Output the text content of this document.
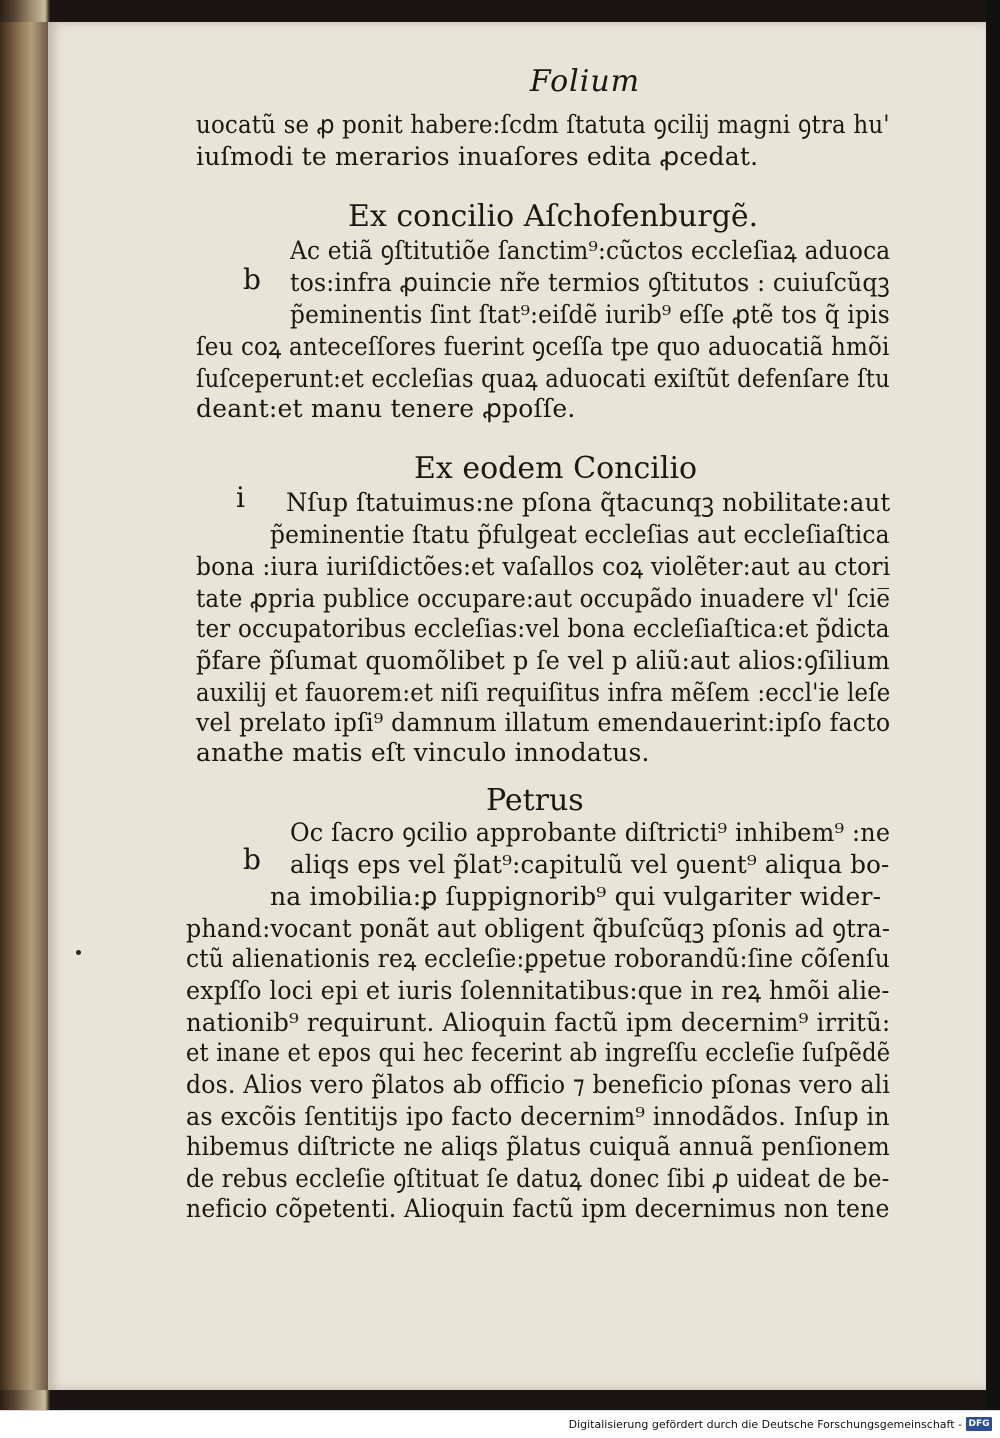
Folium
uocatũ se ꝓ ponit habere:ſcdm ſtatuta ꝯcilij magni ꝯtra hu'
iuſmodi te merarios inuaſores edita ꝓcedat.
Ex concilio Aſchofenburgẽ.
b
Ac etiã ꝯſtitutiõe ſanctim⁹:cũctos eccleſiaꝝ aduoca
tos:infra ꝓuincie nr̃e termios ꝯſtitutos : cuiuſcũqꝫ
p̃eminentis ſint ſtat⁹:eiſdẽ iurib⁹ eſſe ꝓtẽ tos q̃ ipis
ſeu coꝝ anteceſſores fuerint ꝯceſſa tpe quo aduocatiã hmõi
ſuſceperunt:et eccleſias quaꝝ aduocati exiſtũt defenſare ſtu
deant:et manu tenere ꝓpoſſe.
Ex eodem Concilio
i Nſup ſtatuimus:ne pſona q̃tacunqꝫ nobilitate:aut
p̃eminentie ſtatu p̃fulgeat eccleſias aut eccleſiaſtica
bona :iura iuriſdictões:et vaſallos coꝝ violẽter:aut au ctori
tate ꝓpria publice occupare:aut occupãdo inuadere vl' ſcie̅
ter occupatoribus eccleſias:vel bona eccleſiaſtica:et p̃dicta
p̃fare p̃ſumat quomõlibet p ſe vel p aliũ:aut alios:ꝯſilium
auxilij et fauorem:et niſi requiſitus infra mẽſem :eccl'ie leſe
vel prelato ipſi⁹ damnum illatum emendauerint:ipſo facto
anathe matis eſt vinculo innodatus.
Petrus
b
Oc ſacro ꝯcilio approbante diſtricti⁹ inhibem⁹ :ne
aliqs eps vel p̃lat⁹:capitulũ vel ꝯuent⁹ aliqua bo-
na imobilia:ꝑ ſuppignorib⁹ qui vulgariter wider-
phand:vocant ponãt aut obligent q̃buſcũqꝫ pſonis ad ꝯtra-
ctũ alienationis reꝝ eccleſie:ꝑpetue roborandũ:ſine cõſenſu
expſſo loci epi et iuris ſolennitatibus:que in reꝝ hmõi alie-
nationib⁹ requirunt. Alioquin factũ ipm decernim⁹ irritũ:
et inane et epos qui hec fecerint ab ingreſſu eccleſie ſuſpẽdẽ
dos. Alios vero p̃latos ab officio ⁊ beneficio pſonas vero ali
as excõis ſentitijs ipo facto decernim⁹ innodãdos. Inſup in
hibemus diſtricte ne aliqs p̃latus cuiquã annuã penſionem
de rebus eccleſie ꝯſtituat ſe datuꝝ donec ſibi ꝓ uideat de be-
neficio cõpetenti. Alioquin factũ ipm decernimus non tene
Digitalisierung gefördert durch die Deutsche Forschungsgemeinschaft - DFG
